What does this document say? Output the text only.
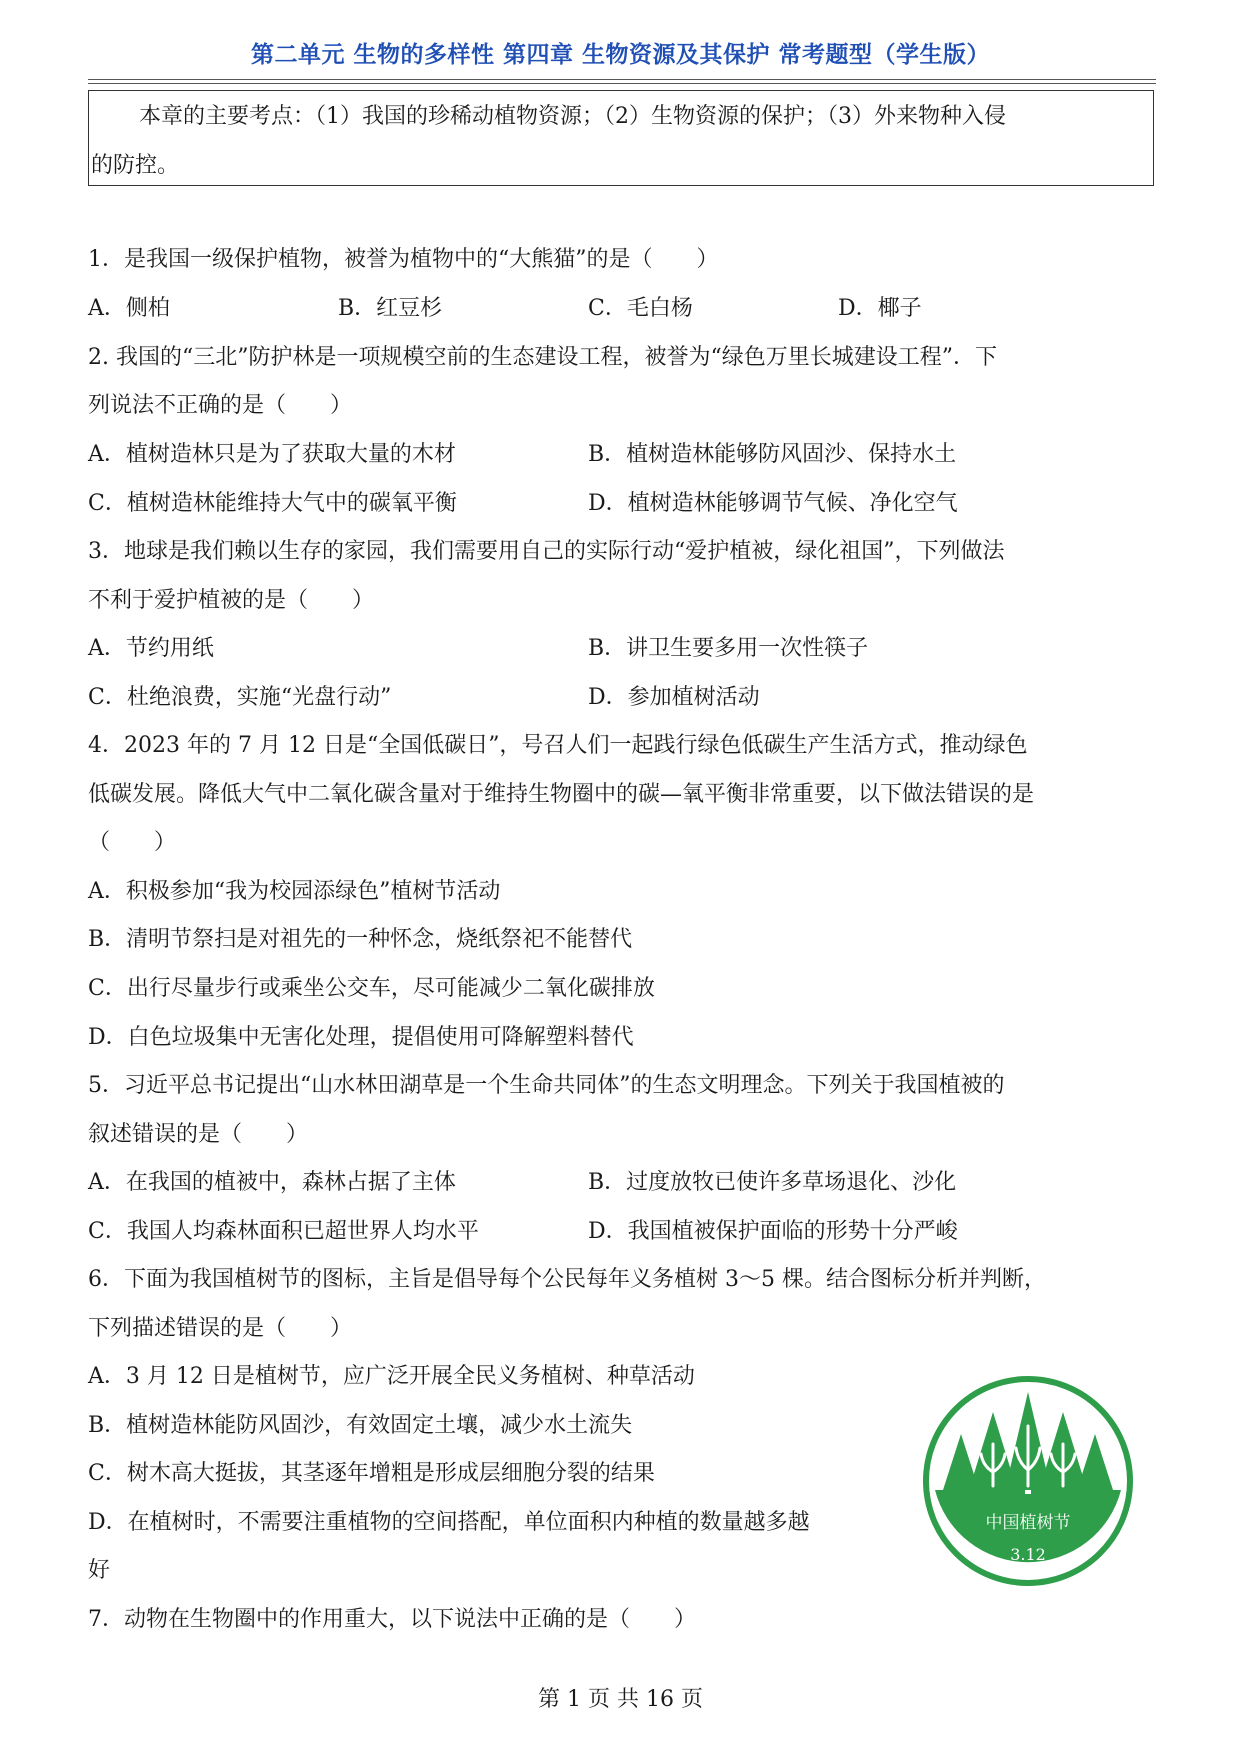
第二单元 生物的多样性 第四章 生物资源及其保护 常考题型（学生版）
本章的主要考点：（1）我国的珍稀动植物资源；（2）生物资源的保护；（3）外来物种入侵
的防控。
1．是我国一级保护植物，被誉为植物中的“大熊猫”的是（　　）
A．侧柏	B．红豆杉	C．毛白杨	D．椰子
2. 我国的“三北”防护林是一项规模空前的生态建设工程，被誉为“绿色万里长城建设工程”．下
列说法不正确的是（　　）
A．植树造林只是为了获取大量的木材	B．植树造林能够防风固沙、保持水土
C．植树造林能维持大气中的碳氧平衡	D．植树造林能够调节气候、净化空气
3．地球是我们赖以生存的家园，我们需要用自己的实际行动“爱护植被，绿化祖国”，下列做法
不利于爱护植被的是（　　）
A．节约用纸	B．讲卫生要多用一次性筷子
C．杜绝浪费，实施“光盘行动”	D．参加植树活动
4．2023 年的 7 月 12 日是“全国低碳日”，号召人们一起践行绿色低碳生产生活方式，推动绿色
低碳发展。降低大气中二氧化碳含量对于维持生物圈中的碳—氧平衡非常重要，以下做法错误的是
（　　）
A．积极参加“我为校园添绿色”植树节活动
B．清明节祭扫是对祖先的一种怀念，烧纸祭祀不能替代
C．出行尽量步行或乘坐公交车，尽可能减少二氧化碳排放
D．白色垃圾集中无害化处理，提倡使用可降解塑料替代
5．习近平总书记提出“山水林田湖草是一个生命共同体”的生态文明理念。下列关于我国植被的
叙述错误的是（　　）
A．在我国的植被中，森林占据了主体	B．过度放牧已使许多草场退化、沙化
C．我国人均森林面积已超世界人均水平	D．我国植被保护面临的形势十分严峻
6．下面为我国植树节的图标，主旨是倡导每个公民每年义务植树 3～5 棵。结合图标分析并判断，
下列描述错误的是（　　）
A．3 月 12 日是植树节，应广泛开展全民义务植树、种草活动
B．植树造林能防风固沙，有效固定土壤，减少水土流失
C．树木高大挺拔，其茎逐年增粗是形成层细胞分裂的结果
D．在植树时，不需要注重植物的空间搭配，单位面积内种植的数量越多越
好
7．动物在生物圈中的作用重大，以下说法中正确的是（　　）
中国植树节
3.12
第 1 页 共 16 页
